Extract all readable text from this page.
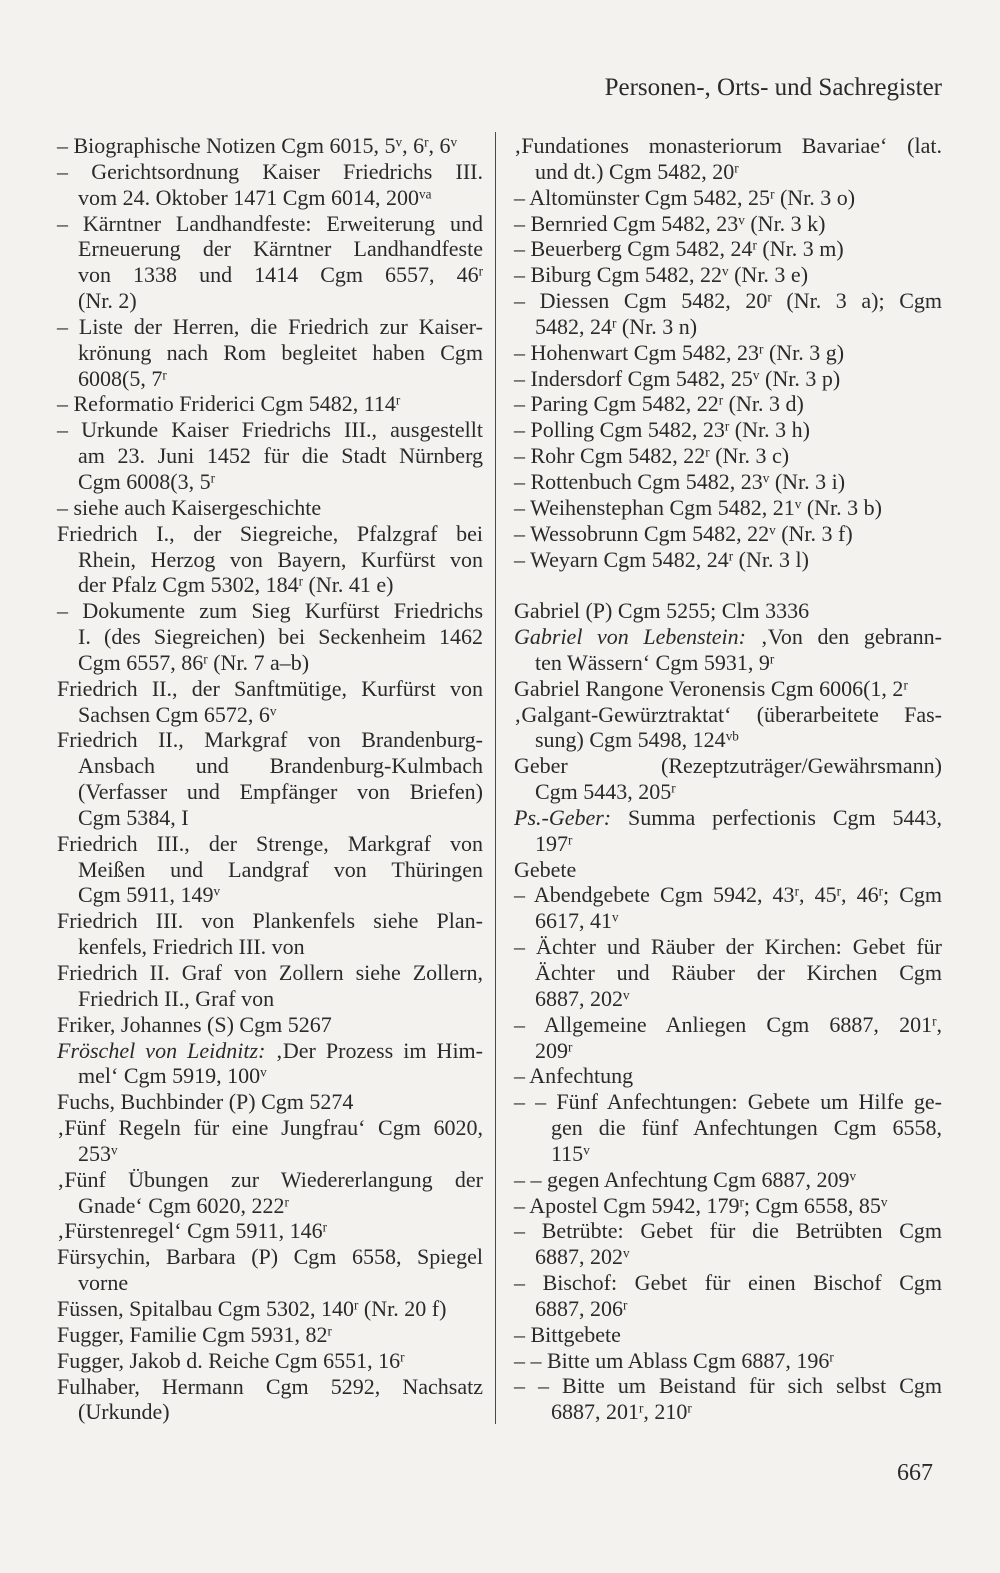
Personen-, Orts- und Sachregister
– Biographische Notizen Cgm 6015, 5$^v$, 6$^r$, 6$^v$
– Gerichtsordnung Kaiser Friedrichs III.
vom 24. Oktober 1471 Cgm 6014, $200^{va}$
– Kärntner Landhandfeste: Erweiterung und
Erneuerung der Kärntner Landhandfeste
von 1338 und 1414 Cgm 6557, 46$^r$
(Nr. 2)
– Liste der Herren, die Friedrich zur Kaiser-
krönung nach Rom begleitet haben Cgm
6008(5, 7$^r$
– Reformatio Friderici Cgm 5482, 114$^r$
– Urkunde Kaiser Friedrichs III., ausgestellt
am 23. Juni 1452 für die Stadt Nürnberg
Cgm 6008(3, 5$^r$
– siehe auch Kaisergeschichte
Friedrich I., der Siegreiche, Pfalzgraf bei
Rhein, Herzog von Bayern, Kurfürst von
der Pfalz Cgm 5302, 184$^r$ (Nr. 41 e)
– Dokumente zum Sieg Kurfürst Friedrichs
I. (des Siegreichen) bei Seckenheim 1462
Cgm 6557, 86$^r$ (Nr. 7 a–b)
Friedrich II., der Sanftmütige, Kurfürst von
Sachsen Cgm 6572, 6$^v$
Friedrich II., Markgraf von Brandenburg-
Ansbach und Brandenburg-Kulmbach
(Verfasser und Empfänger von Briefen)
Cgm 5384, I
Friedrich III., der Strenge, Markgraf von
Meißen und Landgraf von Thüringen
Cgm 5911, 149$^v$
Friedrich III. von Plankenfels siehe Plan-
kenfels, Friedrich III. von
Friedrich II. Graf von Zollern siehe Zollern,
Friedrich II., Graf von
Friker, Johannes (S) Cgm 5267
Fröschel von Leidnitz: ‚Der Prozess im Him-
mel‘ Cgm 5919, 100$^v$
Fuchs, Buchbinder (P) Cgm 5274
‚Fünf Regeln für eine Jungfrau‘ Cgm 6020,
253$^v$
‚Fünf Übungen zur Wiedererlangung der
Gnade‘ Cgm 6020, 222$^r$
‚Fürstenregel‘ Cgm 5911, 146$^r$
Fürsychin, Barbara (P) Cgm 6558, Spiegel
vorne
Füssen, Spitalbau Cgm 5302, 140$^r$ (Nr. 20 f)
Fugger, Familie Cgm 5931, 82$^r$
Fugger, Jakob d. Reiche Cgm 6551, 16$^r$
Fulhaber, Hermann Cgm 5292, Nachsatz
(Urkunde)
‚Fundationes monasteriorum Bavariae‘ (lat.
und dt.) Cgm 5482, 20$^r$
– Altomünster Cgm 5482, 25$^r$ (Nr. 3 o)
– Bernried Cgm 5482, 23$^v$ (Nr. 3 k)
– Beuerberg Cgm 5482, 24$^r$ (Nr. 3 m)
– Biburg Cgm 5482, 22$^v$ (Nr. 3 e)
– Diessen Cgm 5482, 20$^r$ (Nr. 3 a); Cgm
5482, 24$^r$ (Nr. 3 n)
– Hohenwart Cgm 5482, 23$^r$ (Nr. 3 g)
– Indersdorf Cgm 5482, 25$^v$ (Nr. 3 p)
– Paring Cgm 5482, 22$^r$ (Nr. 3 d)
– Polling Cgm 5482, 23$^r$ (Nr. 3 h)
– Rohr Cgm 5482, 22$^r$ (Nr. 3 c)
– Rottenbuch Cgm 5482, 23$^v$ (Nr. 3 i)
– Weihenstephan Cgm 5482, 21$^v$ (Nr. 3 b)
– Wessobrunn Cgm 5482, 22$^v$ (Nr. 3 f)
– Weyarn Cgm 5482, 24$^r$ (Nr. 3 l)
Gabriel (P) Cgm 5255; Clm 3336
Gabriel von Lebenstein: ‚Von den gebrann-
ten Wässern‘ Cgm 5931, 9$^r$
Gabriel Rangone Veronensis Cgm 6006(1, 2$^r$
‚Galgant-Gewürztraktat‘ (überarbeitete Fas-
sung) Cgm 5498, $124^{vb}$
Geber (Rezeptzuträger/Gewährsmann)
Cgm 5443, 205$^r$
Ps.-Geber: Summa perfectionis Cgm 5443,
197$^r$
Gebete
– Abendgebete Cgm 5942, 43$^r$, 45$^r$, 46$^r$; Cgm
6617, 41$^v$
– Ächter und Räuber der Kirchen: Gebet für
Ächter und Räuber der Kirchen Cgm
6887, 202$^v$
– Allgemeine Anliegen Cgm 6887, 201$^r$,
209$^r$
– Anfechtung
– – Fünf Anfechtungen: Gebete um Hilfe ge-
gen die fünf Anfechtungen Cgm 6558,
115$^v$
– – gegen Anfechtung Cgm 6887, 209$^v$
– Apostel Cgm 5942, 179$^r$; Cgm 6558, 85$^v$
– Betrübte: Gebet für die Betrübten Cgm
6887, 202$^v$
– Bischof: Gebet für einen Bischof Cgm
6887, 206$^r$
– Bittgebete
– – Bitte um Ablass Cgm 6887, 196$^r$
– – Bitte um Beistand für sich selbst Cgm
6887, 201$^r$, 210$^r$
667
